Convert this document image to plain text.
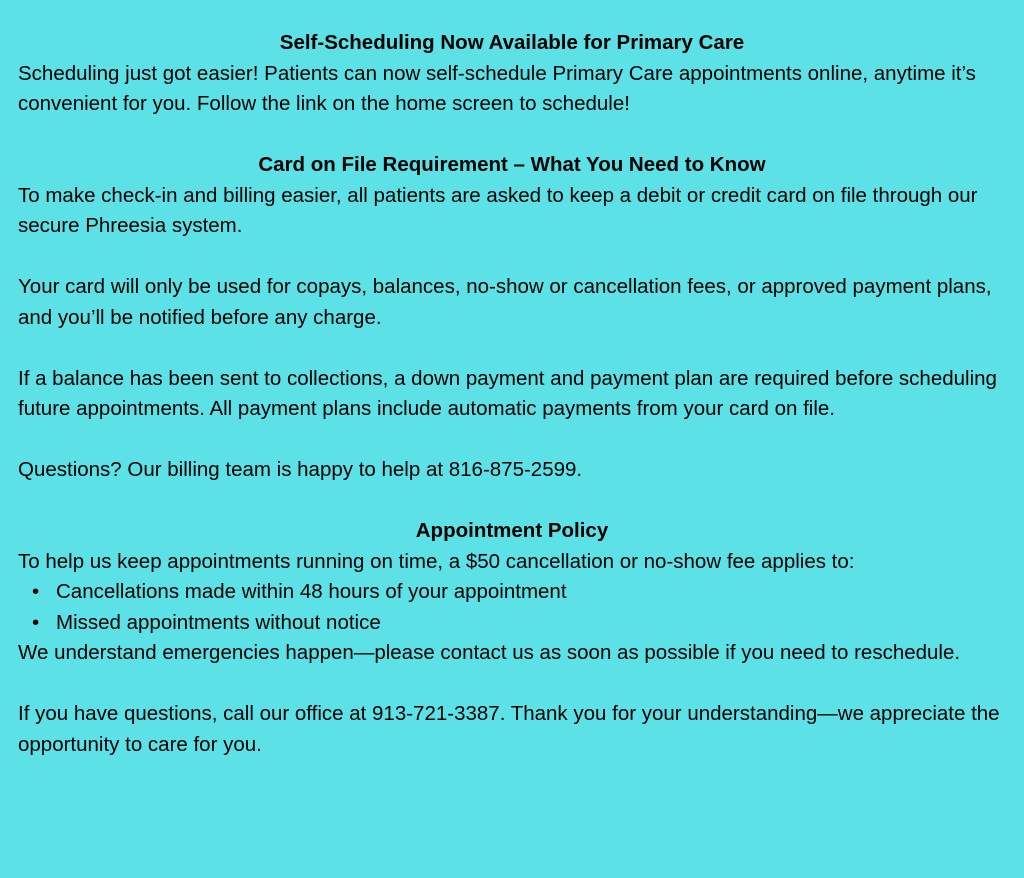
Self-Scheduling Now Available for Primary Care

Scheduling just got easier! Patients can now self-schedule Primary Care appointments online, anytime it’s convenient for you. Follow the link on the home screen to schedule!

Card on File Requirement – What You Need to Know

To make check-in and billing easier, all patients are asked to keep a debit or credit card on file through our secure Phreesia system.

Your card will only be used for copays, balances, no-show or cancellation fees, or approved payment plans, and you’ll be notified before any charge.

If a balance has been sent to collections, a down payment and payment plan are required before scheduling future appointments. All payment plans include automatic payments from your card on file.

Questions? Our billing team is happy to help at 816-875-2599.

Appointment Policy

To help us keep appointments running on time, a $50 cancellation or no-show fee applies to:

• Cancellations made within 48 hours of your appointment
• Missed appointments without notice

We understand emergencies happen—please contact us as soon as possible if you need to reschedule.

If you have questions, call our office at 913-721-3387. Thank you for your understanding—we appreciate the opportunity to care for you.
